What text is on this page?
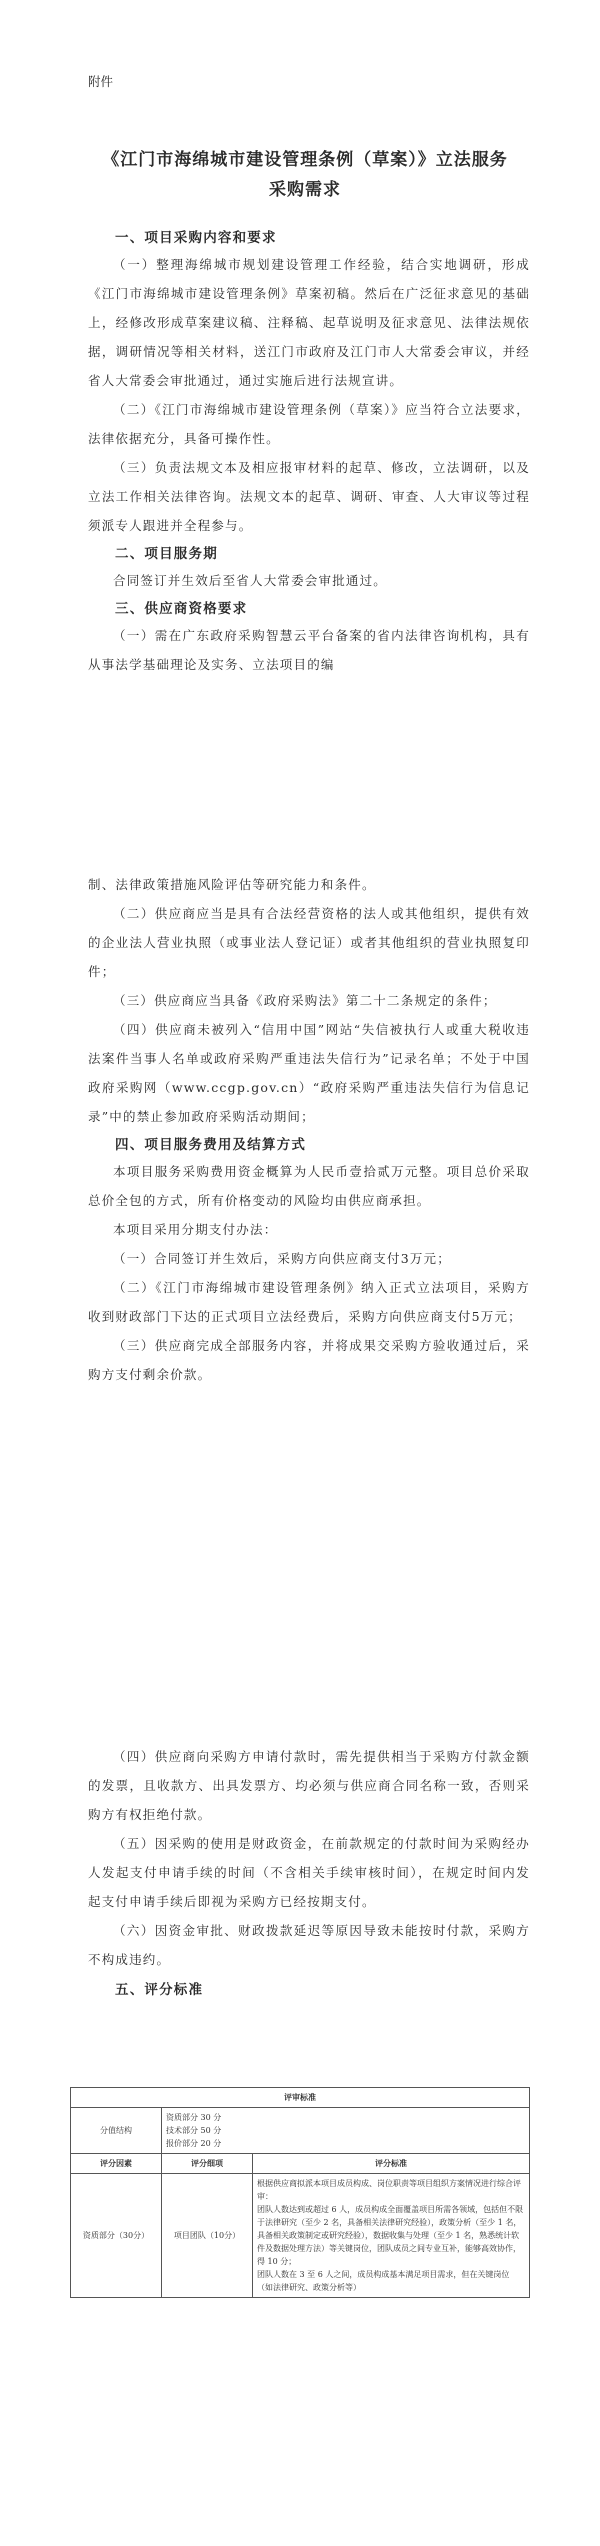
附件
《江门市海绵城市建设管理条例（草案）》立法服务
采购需求
一、项目采购内容和要求
（一）整理海绵城市规划建设管理工作经验，结合实地调研，形成《江门市海绵城市建设管理条例》草案初稿。然后在广泛征求意见的基础上，经修改形成草案建议稿、注释稿、起草说明及征求意见、法律法规依据，调研情况等相关材料，送江门市政府及江门市人大常委会审议，并经省人大常委会审批通过，通过实施后进行法规宣讲。
（二）《江门市海绵城市建设管理条例（草案）》应当符合立法要求，法律依据充分，具备可操作性。
（三）负责法规文本及相应报审材料的起草、修改，立法调研，以及立法工作相关法律咨询。法规文本的起草、调研、审查、人大审议等过程须派专人跟进并全程参与。
二、项目服务期
合同签订并生效后至省人大常委会审批通过。
三、供应商资格要求
（一）需在广东政府采购智慧云平台备案的省内法律咨询机构，具有从事法学基础理论及实务、立法项目的编
制、法律政策措施风险评估等研究能力和条件。
（二）供应商应当是具有合法经营资格的法人或其他组织，提供有效的企业法人营业执照（或事业法人登记证）或者其他组织的营业执照复印件；
（三）供应商应当具备《政府采购法》第二十二条规定的条件；
（四）供应商未被列入“信用中国”网站“失信被执行人或重大税收违法案件当事人名单或政府采购严重违法失信行为”记录名单；不处于中国政府采购网（www.ccgp.gov.cn）“政府采购严重违法失信行为信息记录”中的禁止参加政府采购活动期间；
四、项目服务费用及结算方式
本项目服务采购费用资金概算为人民币壹拾贰万元整。项目总价采取总价全包的方式，所有价格变动的风险均由供应商承担。
本项目采用分期支付办法：
（一）合同签订并生效后，采购方向供应商支付3万元；
（二）《江门市海绵城市建设管理条例》纳入正式立法项目，采购方收到财政部门下达的正式项目立法经费后，采购方向供应商支付5万元；
（三）供应商完成全部服务内容，并将成果交采购方验收通过后，采购方支付剩余价款。
（四）供应商向采购方申请付款时，需先提供相当于采购方付款金额的发票，且收款方、出具发票方、均必须与供应商合同名称一致，否则采购方有权拒绝付款。
（五）因采购的使用是财政资金，在前款规定的付款时间为采购经办人发起支付申请手续的时间（不含相关手续审核时间），在规定时间内发起支付申请手续后即视为采购方已经按期支付。
（六）因资金审批、财政拨款延迟等原因导致未能按时付款，采购方不构成违约。
五、评分标准
评审标准		
分值结构	资质部分 30 分
技术部分 50 分
报价部分 20 分	

评分因素	评分细项	评分标准
资质部分（30分）	项目团队（10分）	根据供应商拟派本项目成员构成、岗位职责等项目组织方案情况进行综合评审：
团队人数达到或超过 6 人，成员构成全面覆盖项目所需各领域，包括但不限于法律研究（至少 2 名，具备相关法律研究经验），政策分析（至少 1 名，具备相关政策制定或研究经验），数据收集与处理（至少 1 名，熟悉统计软件及数据处理方法）等关键岗位，团队成员之间专业互补，能够高效协作，得 10 分；
团队人数在 3 至 6 人之间，成员构成基本满足项目需求，但在关键岗位（如法律研究、政策分析等）
